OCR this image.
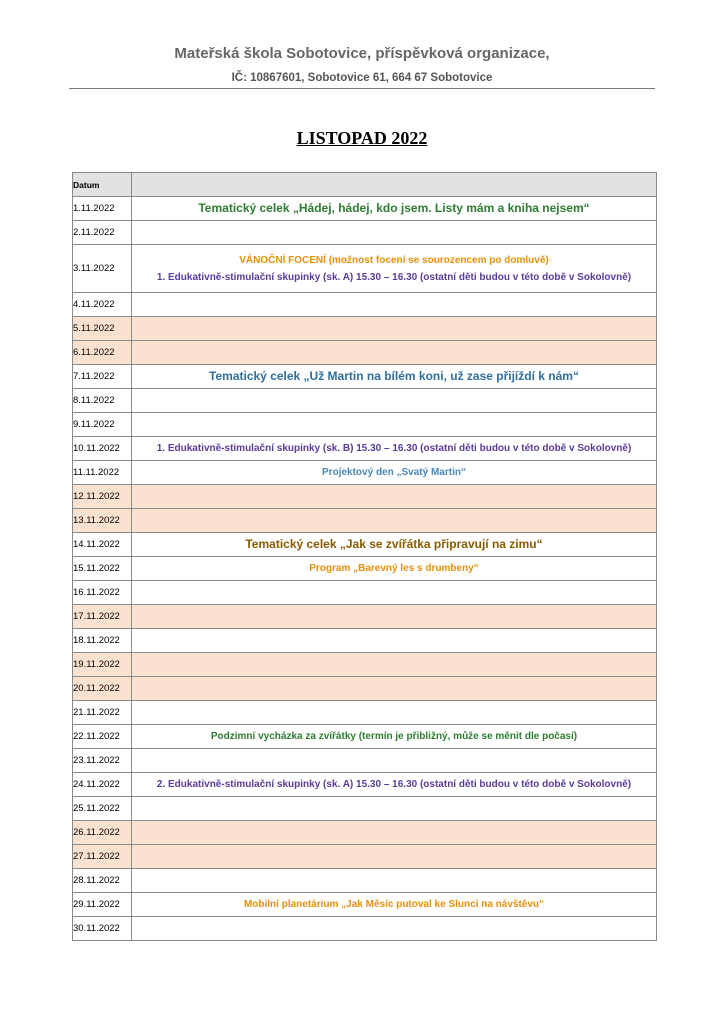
Mateřská škola Sobotovice, příspěvková organizace,
IČ: 10867601, Sobotovice 61, 664 67 Sobotovice
LISTOPAD 2022
Datum	
1.11.2022	Tematický celek „Hádej, hádej, kdo jsem. Listy mám a kniha nejsem“

2.11.2022	
3.11.2022	VÁNOČNÍ FOCENÍ (možnost focení se sourozencem po domluvě)
1. Edukativně-stimulační skupinky (sk. A) 15.30 – 16.30 (ostatní děti budou v této době v Sokolovně)

4.11.2022	
5.11.2022	
6.11.2022	
7.11.2022	Tematický celek „Už Martin na bílém koni, už zase přijíždí k nám“

8.11.2022	
9.11.2022	
10.11.2022	1. Edukativně-stimulační skupinky (sk. B) 15.30 – 16.30 (ostatní děti budou v této době v Sokolovně)

11.11.2022	Projektový den „Svatý Martin“

12.11.2022	
13.11.2022	
14.11.2022	Tematický celek „Jak se zvířátka připravují na zimu“

15.11.2022	Program „Barevný les s drumbeny“

16.11.2022	
17.11.2022	
18.11.2022	
19.11.2022	
20.11.2022	
21.11.2022	
22.11.2022	Podzimní vycházka za zvířátky (termín je přibližný, může se měnit dle počasí)

23.11.2022	
24.11.2022	2. Edukativně-stimulační skupinky (sk. A) 15.30 – 16.30 (ostatní děti budou v této době v Sokolovně)

25.11.2022	
26.11.2022	
27.11.2022	
28.11.2022	
29.11.2022	Mobilní planetárium „Jak Měsíc putoval ke Slunci na návštěvu“

30.11.2022	
